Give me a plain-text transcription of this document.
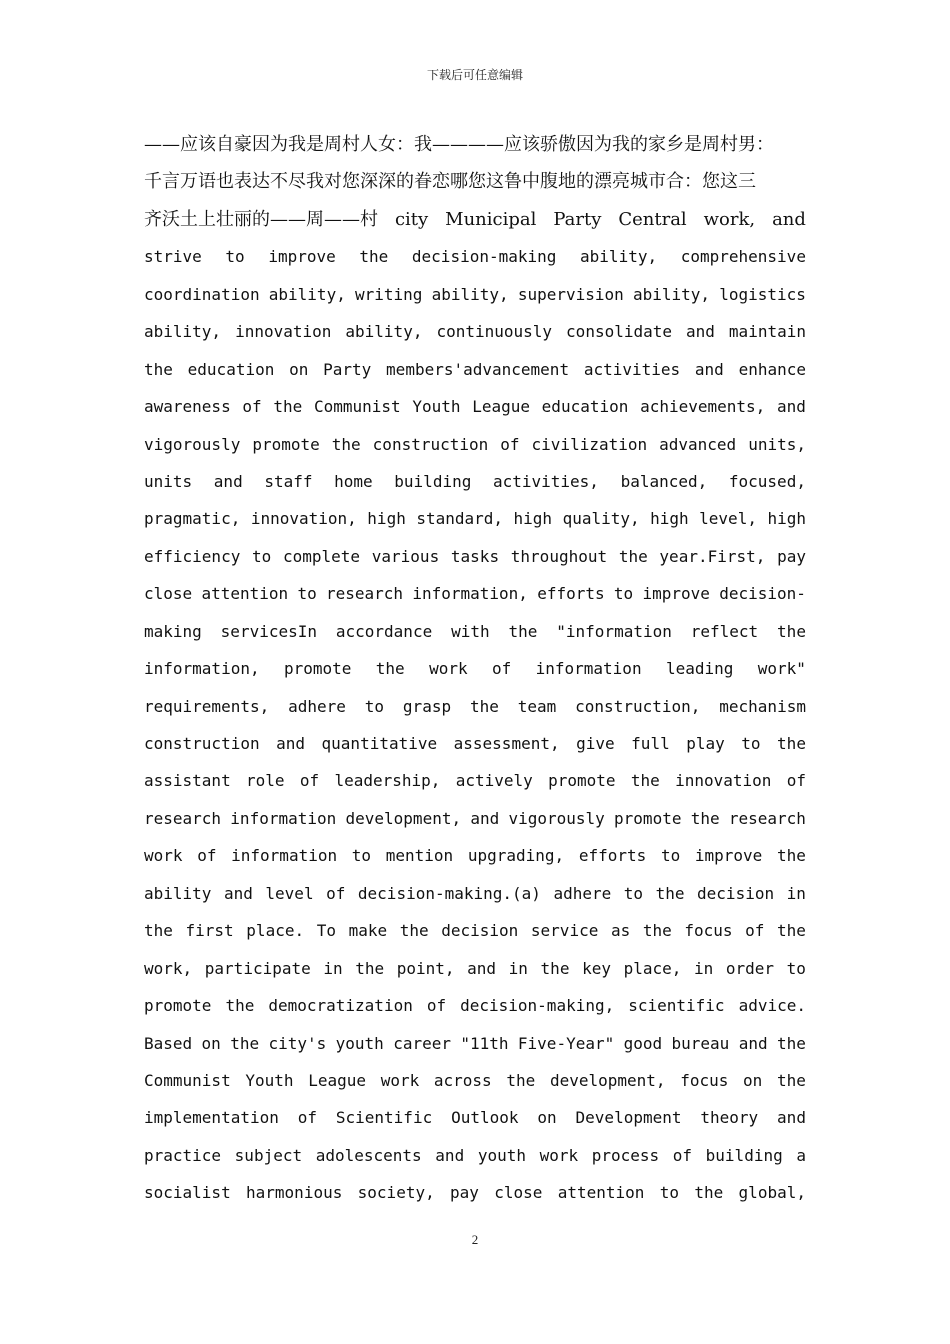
下载后可任意编辑
——应该自豪因为我是周村人女：我————应该骄傲因为我的家乡是周村男：
千言万语也表达不尽我对您深深的眷恋哪您这鲁中腹地的漂亮城市合：您这三
齐沃土上壮丽的——周——村 city Municipal Party Central work, and
strive to improve the decision-making ability, comprehensive
coordination ability, writing ability, supervision ability, logistics
ability, innovation ability, continuously consolidate and maintain
the education on Party members'advancement activities and enhance
awareness of the Communist Youth League education achievements, and
vigorously promote the construction of civilization advanced units,
units and staff home building activities, balanced, focused,
pragmatic, innovation, high standard, high quality, high level, high
efficiency to complete various tasks throughout the year.First, pay
close attention to research information, efforts to improve decision-
making servicesIn accordance with the "information reflect the
information, promote the work of information leading work"
requirements, adhere to grasp the team construction, mechanism
construction and quantitative assessment, give full play to the
assistant role of leadership, actively promote the innovation of
research information development, and vigorously promote the research
work of information to mention upgrading, efforts to improve the
ability and level of decision-making.(a) adhere to the decision in
the first place. To make the decision service as the focus of the
work, participate in the point, and in the key place, in order to
promote the democratization of decision-making, scientific advice.
Based on the city's youth career "11th Five-Year" good bureau and the
Communist Youth League work across the development, focus on the
implementation of Scientific Outlook on Development theory and
practice subject adolescents and youth work process of building a
socialist harmonious society, pay close attention to the global,
2
